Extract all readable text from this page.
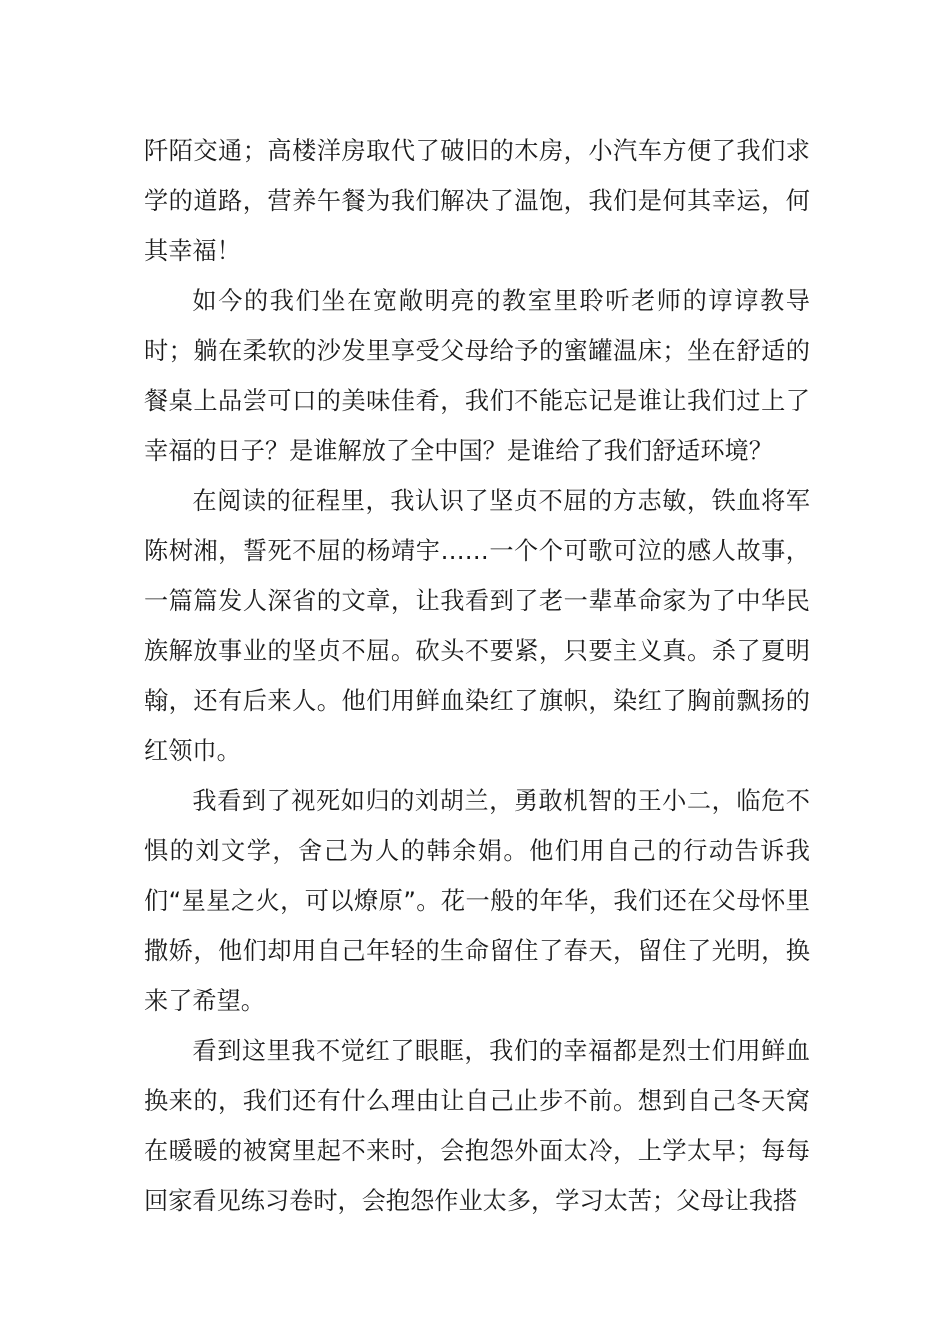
阡陌交通；高楼洋房取代了破旧的木房，小汽车方便了我们求学的道路，营养午餐为我们解决了温饱，我们是何其幸运，何其幸福！

如今的我们坐在宽敞明亮的教室里聆听老师的谆谆教导时；躺在柔软的沙发里享受父母给予的蜜罐温床；坐在舒适的餐桌上品尝可口的美味佳肴，我们不能忘记是谁让我们过上了幸福的日子？是谁解放了全中国？是谁给了我们舒适环境？

在阅读的征程里，我认识了坚贞不屈的方志敏，铁血将军陈树湘，誓死不屈的杨靖宇……一个个可歌可泣的感人故事，一篇篇发人深省的文章，让我看到了老一辈革命家为了中华民族解放事业的坚贞不屈。砍头不要紧，只要主义真。杀了夏明翰，还有后来人。他们用鲜血染红了旗帜，染红了胸前飘扬的红领巾。

我看到了视死如归的刘胡兰，勇敢机智的王小二，临危不惧的刘文学，舍己为人的韩余娟。他们用自己的行动告诉我们“星星之火，可以燎原”。花一般的年华，我们还在父母怀里撒娇，他们却用自己年轻的生命留住了春天，留住了光明，换来了希望。

看到这里我不觉红了眼眶，我们的幸福都是烈士们用鲜血换来的，我们还有什么理由让自己止步不前。想到自己冬天窝在暖暖的被窝里起不来时，会抱怨外面太冷，上学太早；每每回家看见练习卷时，会抱怨作业太多，学习太苦；父母让我搭
